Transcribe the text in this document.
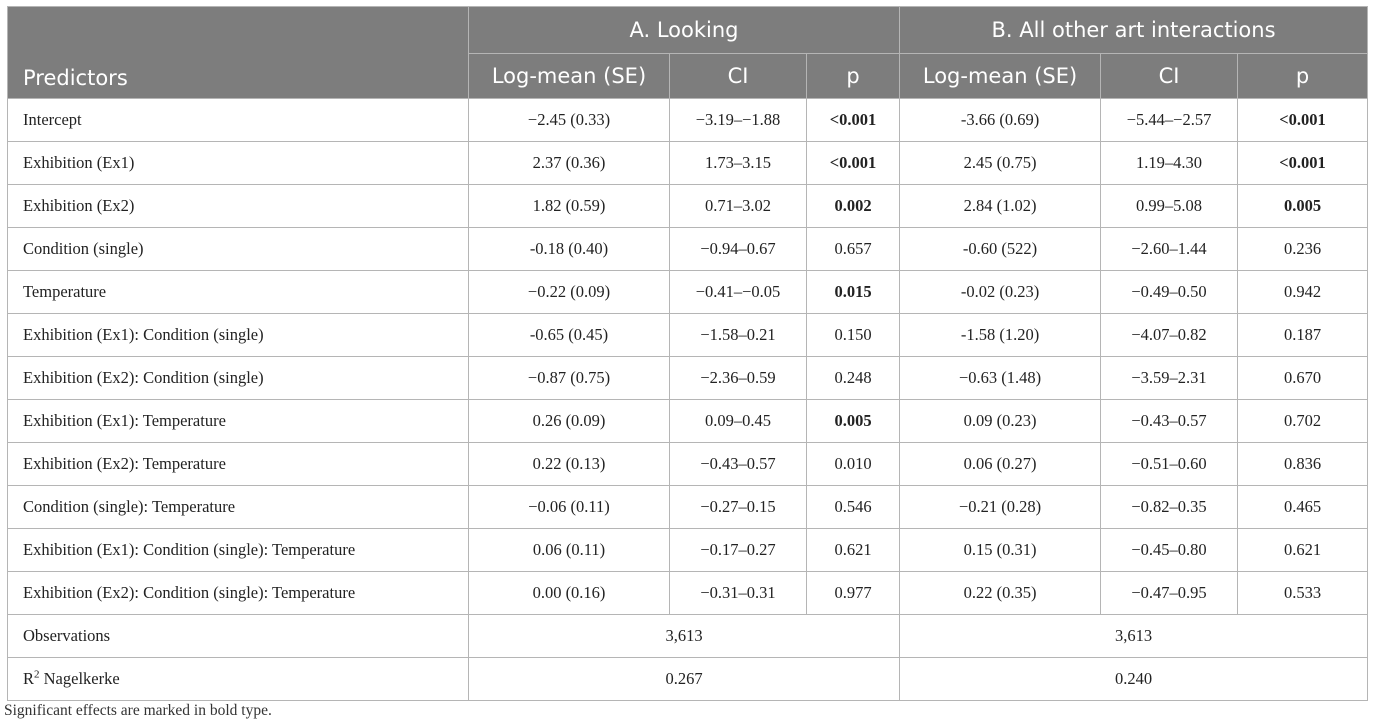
Predictors	A. Looking			B. All other art interactions		
	Log-mean (SE)	CI	p	Log-mean (SE)	CI	p
Intercept	−2.45 (0.33)	−3.19–−1.88	<0.001	-3.66 (0.69)	−5.44–−2.57	<0.001
Exhibition (Ex1)	2.37 (0.36)	1.73–3.15	<0.001	2.45 (0.75)	1.19–4.30	<0.001
Exhibition (Ex2)	1.82 (0.59)	0.71–3.02	0.002	2.84 (1.02)	0.99–5.08	0.005
Condition (single)	-0.18 (0.40)	−0.94–0.67	0.657	-0.60 (522)	−2.60–1.44	0.236
Temperature	−0.22 (0.09)	−0.41–−0.05	0.015	-0.02 (0.23)	−0.49–0.50	0.942
Exhibition (Ex1): Condition (single)	-0.65 (0.45)	−1.58–0.21	0.150	-1.58 (1.20)	−4.07–0.82	0.187
Exhibition (Ex2): Condition (single)	−0.87 (0.75)	−2.36–0.59	0.248	−0.63 (1.48)	−3.59–2.31	0.670
Exhibition (Ex1): Temperature	0.26 (0.09)	0.09–0.45	0.005	0.09 (0.23)	−0.43–0.57	0.702
Exhibition (Ex2): Temperature	0.22 (0.13)	−0.43–0.57	0.010	0.06 (0.27)	−0.51–0.60	0.836
Condition (single): Temperature	−0.06 (0.11)	−0.27–0.15	0.546	−0.21 (0.28)	−0.82–0.35	0.465
Exhibition (Ex1): Condition (single): Temperature	0.06 (0.11)	−0.17–0.27	0.621	0.15 (0.31)	−0.45–0.80	0.621
Exhibition (Ex2): Condition (single): Temperature	0.00 (0.16)	−0.31–0.31	0.977	0.22 (0.35)	−0.47–0.95	0.533
Observations	3,613			3,613		
$R^2$ Nagelkerke	0.267			0.240		
Significant effects are marked in bold type.
